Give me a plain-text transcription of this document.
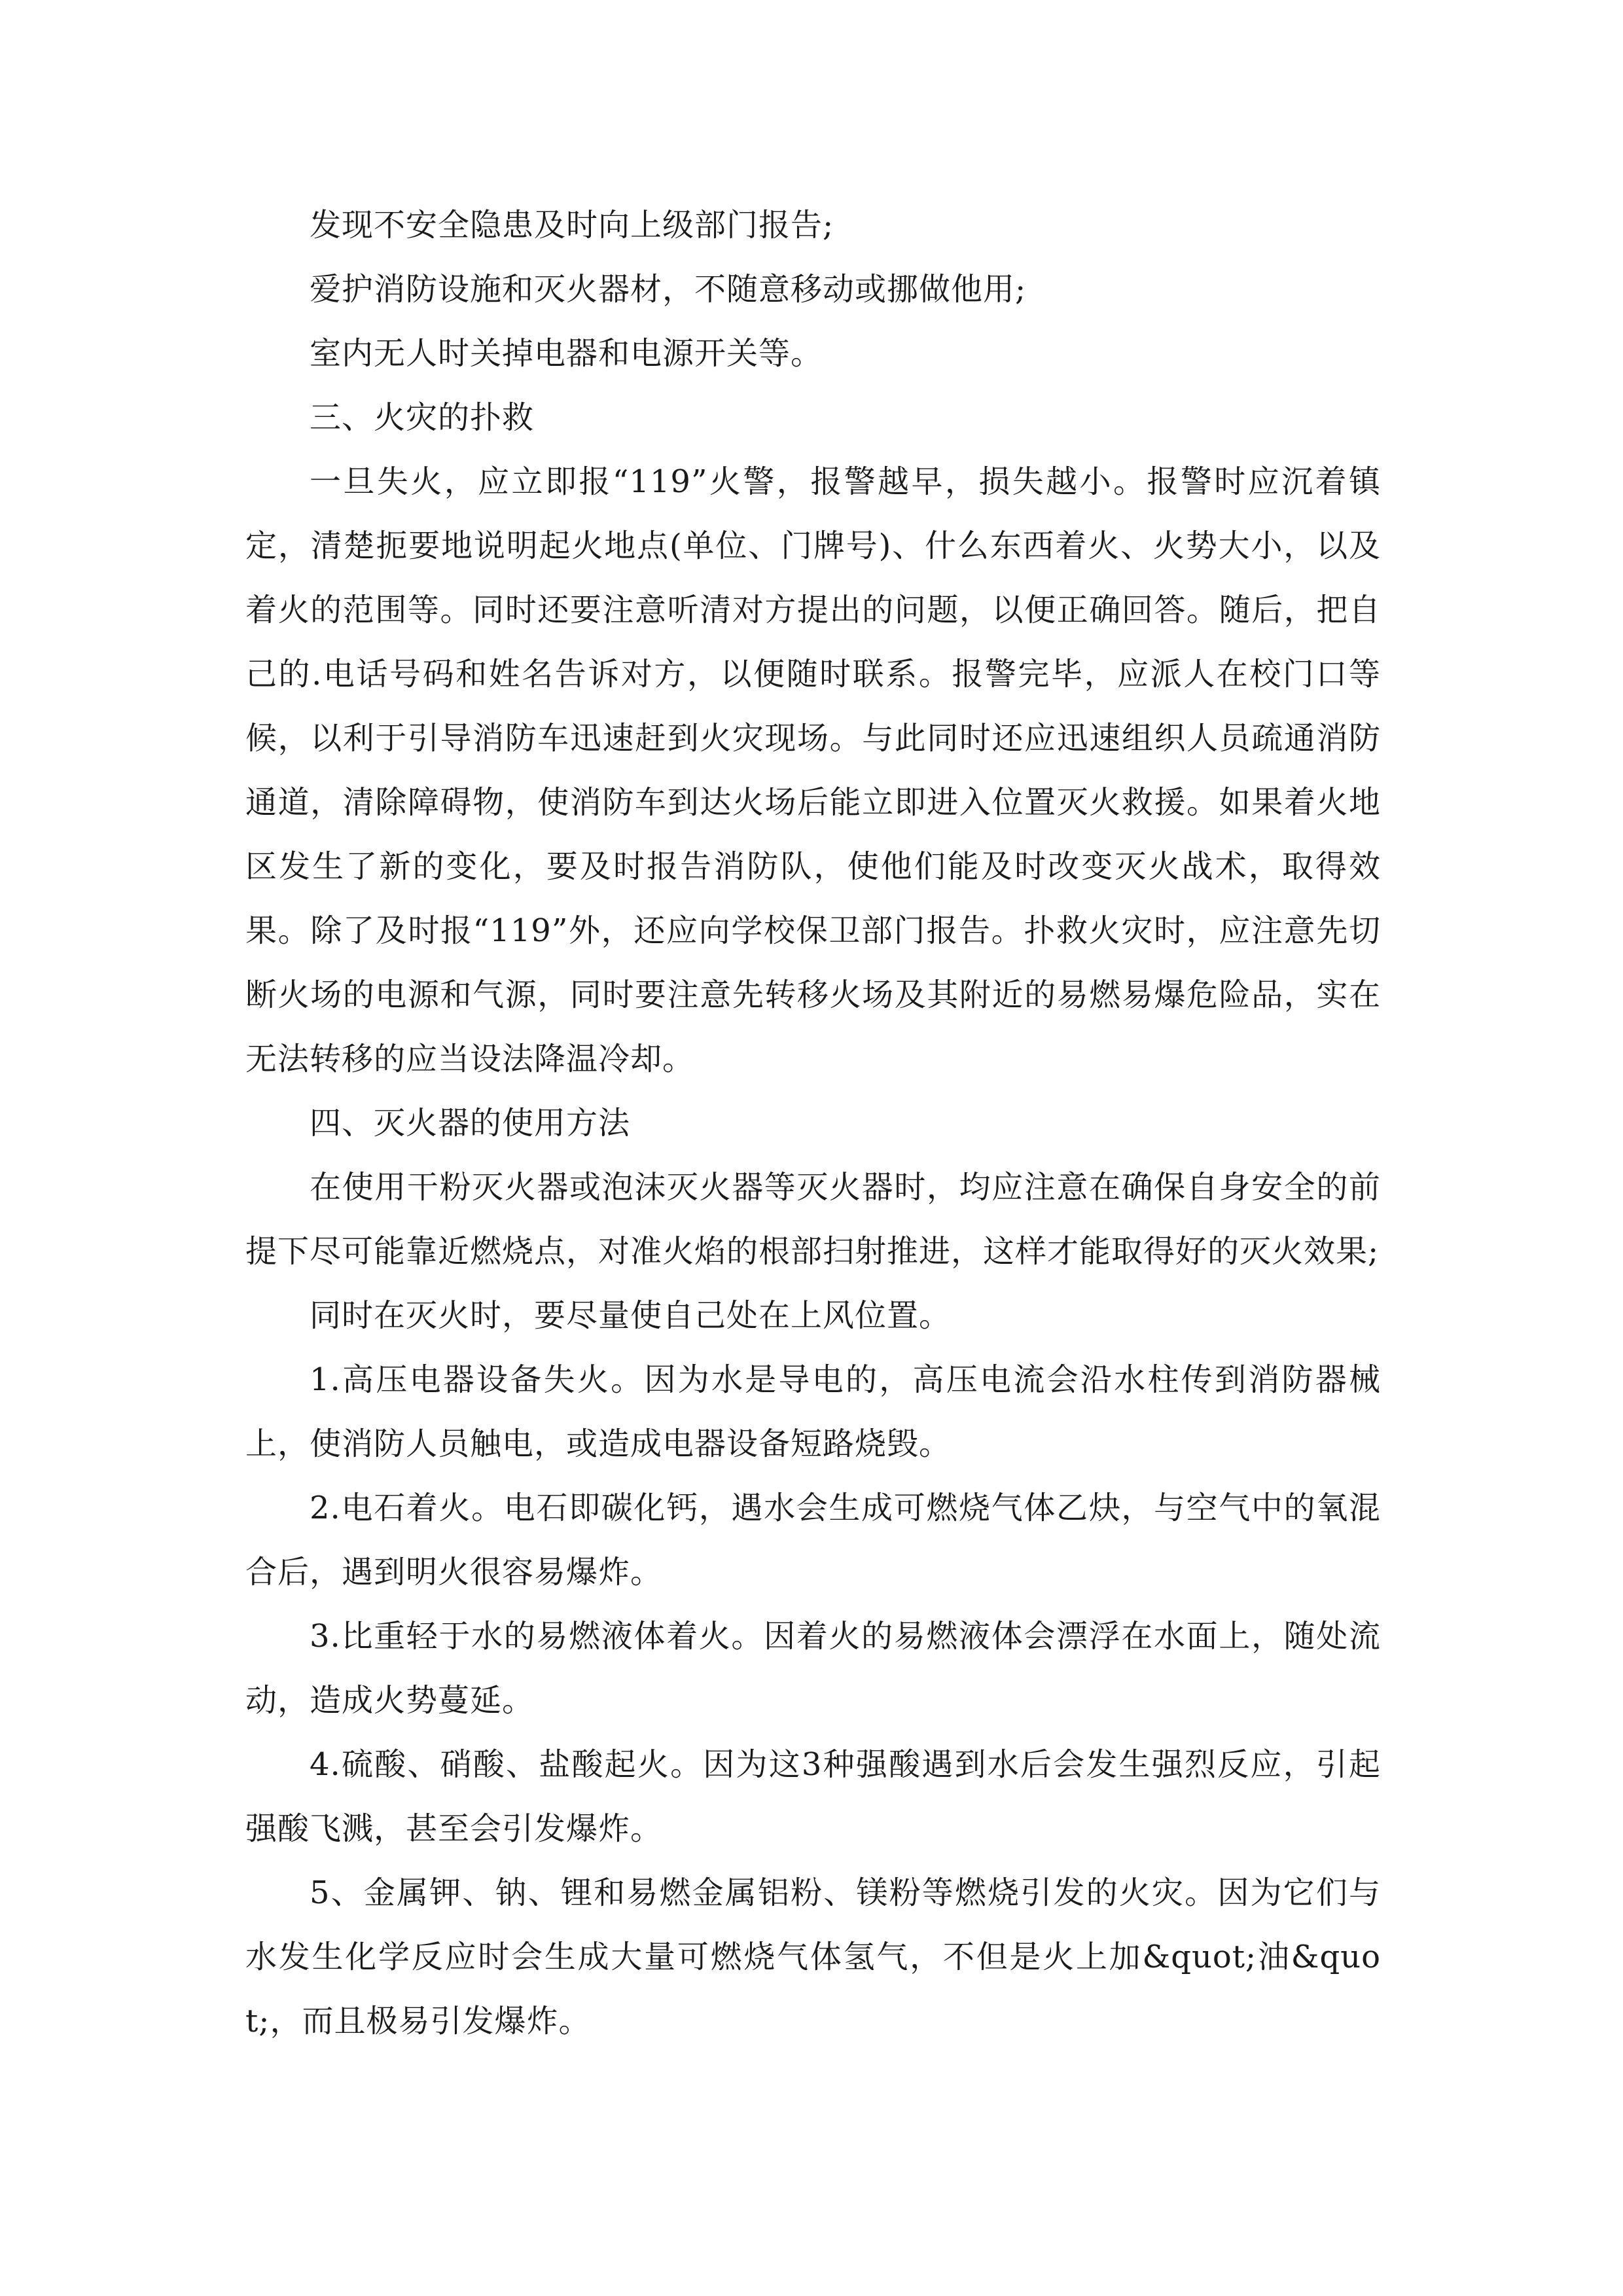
发现不安全隐患及时向上级部门报告;

爱护消防设施和灭火器材，不随意移动或挪做他用;

室内无人时关掉电器和电源开关等。

三、火灾的扑救

一旦失火，应立即报“119”火警，报警越早，损失越小。报警时应沉着镇定，清楚扼要地说明起火地点(单位、门牌号)、什么东西着火、火势大小，以及着火的范围等。同时还要注意听清对方提出的问题，以便正确回答。随后，把自己的.电话号码和姓名告诉对方，以便随时联系。报警完毕，应派人在校门口等候，以利于引导消防车迅速赶到火灾现场。与此同时还应迅速组织人员疏通消防通道，清除障碍物，使消防车到达火场后能立即进入位置灭火救援。如果着火地区发生了新的变化，要及时报告消防队，使他们能及时改变灭火战术，取得效果。除了及时报“119”外，还应向学校保卫部门报告。扑救火灾时，应注意先切断火场的电源和气源，同时要注意先转移火场及其附近的易燃易爆危险品，实在无法转移的应当设法降温冷却。

四、灭火器的使用方法

在使用干粉灭火器或泡沫灭火器等灭火器时，均应注意在确保自身安全的前提下尽可能靠近燃烧点，对准火焰的根部扫射推进，这样才能取得好的灭火效果;

同时在灭火时，要尽量使自己处在上风位置。

1.高压电器设备失火。因为水是导电的，高压电流会沿水柱传到消防器械上，使消防人员触电，或造成电器设备短路烧毁。

2.电石着火。电石即碳化钙，遇水会生成可燃烧气体乙炔，与空气中的氧混合后，遇到明火很容易爆炸。

3.比重轻于水的易燃液体着火。因着火的易燃液体会漂浮在水面上，随处流动，造成火势蔓延。

4.硫酸、硝酸、盐酸起火。因为这3种强酸遇到水后会发生强烈反应，引起强酸飞溅，甚至会引发爆炸。

5、金属钾、钠、锂和易燃金属铝粉、镁粉等燃烧引发的火灾。因为它们与水发生化学反应时会生成大量可燃烧气体氢气，不但是火上加&quot;油&quot;，而且极易引发爆炸。
